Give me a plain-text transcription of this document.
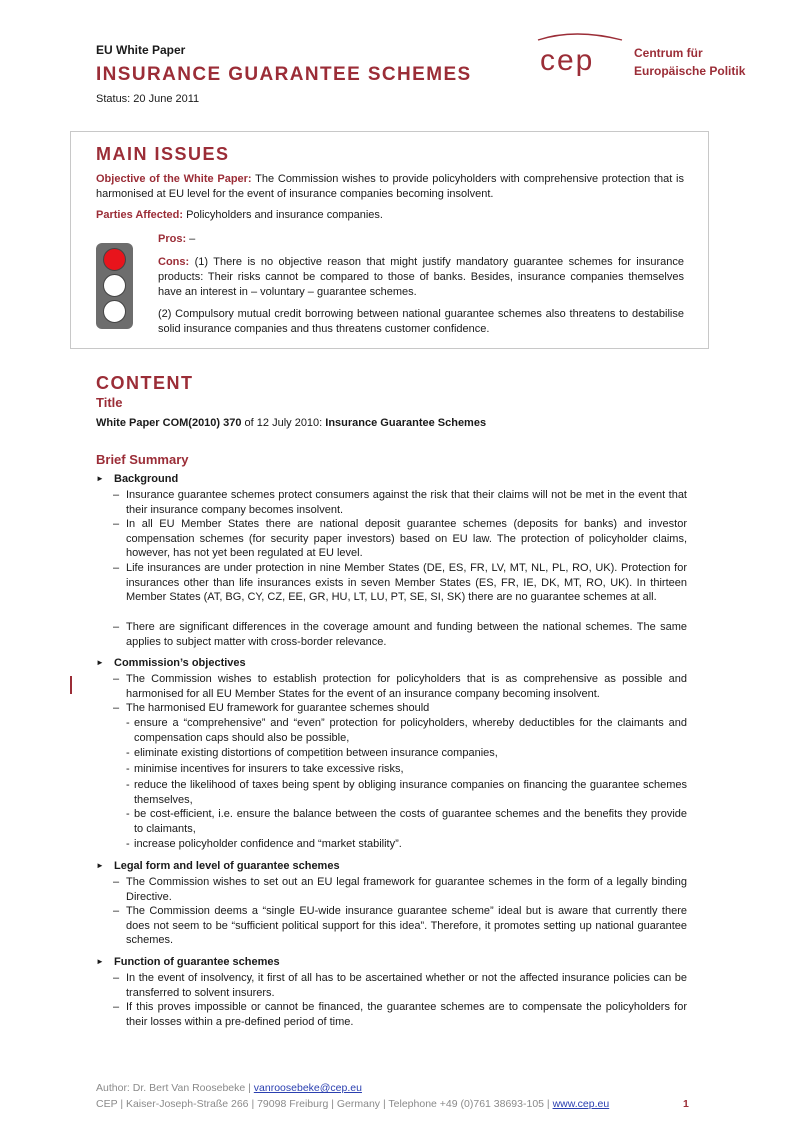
EU White Paper
INSURANCE GUARANTEE SCHEMES
Status: 20 June 2011
cep	Centrum für
Europäische Politik
MAIN ISSUES
Objective of the White Paper: The Commission wishes to provide policyholders with comprehensive protection that is harmonised at EU level for the event of insurance companies becoming insolvent.
Parties Affected: Policyholders and insurance companies.
Pros: –
Cons: (1) There is no objective reason that might justify mandatory guarantee schemes for insurance products: Their risks cannot be compared to those of banks. Besides, insurance companies themselves have an interest in – voluntary – guarantee schemes.
(2) Compulsory mutual credit borrowing between national guarantee schemes also threatens to destabilise solid insurance companies and thus threatens customer confidence.
CONTENT
Title
White Paper COM(2010) 370 of 12 July 2010: Insurance Guarantee Schemes
Brief Summary
► Background
– Insurance guarantee schemes protect consumers against the risk that their claims will not be met in the event that their insurance company becomes insolvent.
– In all EU Member States there are national deposit guarantee schemes (deposits for banks) and investor compensation schemes (for security paper investors) based on EU law. The protection of policyholder claims, however, has not yet been regulated at EU level.
– Life insurances are under protection in nine Member States (DE, ES, FR, LV, MT, NL, PL, RO, UK). Protection for insurances other than life insurances exists in seven Member States (ES, FR, IE, DK, MT, RO, UK). In thirteen Member States (AT, BG, CY, CZ, EE, GR, HU, LT, LU, PT, SE, SI, SK) there are no guarantee schemes at all.
– There are significant differences in the coverage amount and funding between the national schemes. The same applies to subject matter with cross-border relevance.
► Commission’s objectives
– The Commission wishes to establish protection for policyholders that is as comprehensive as possible and harmonised for all EU Member States for the event of an insurance company becoming insolvent.
– The harmonised EU framework for guarantee schemes should
- ensure a “comprehensive” and “even” protection for policyholders, whereby deductibles for the claimants and compensation caps should also be possible,
- eliminate existing distortions of competition between insurance companies,
- minimise incentives for insurers to take excessive risks,
- reduce the likelihood of taxes being spent by obliging insurance companies on financing the guarantee schemes themselves,
- be cost-efficient, i.e. ensure the balance between the costs of guarantee schemes and the benefits they provide to claimants,
- increase policyholder confidence and “market stability”.
► Legal form and level of guarantee schemes
– The Commission wishes to set out an EU legal framework for guarantee schemes in the form of a legally binding Directive.
– The Commission deems a “single EU-wide insurance guarantee scheme” ideal but is aware that currently there does not seem to be “sufficient political support for this idea”. Therefore, it promotes setting up national guarantee schemes.
► Function of guarantee schemes
– In the event of insolvency, it first of all has to be ascertained whether or not the affected insurance policies can be transferred to solvent insurers.
– If this proves impossible or cannot be financed, the guarantee schemes are to compensate the policyholders for their losses within a pre-defined period of time.
Author: Dr. Bert Van Roosebeke | vanroosebeke@cep.eu
CEP | Kaiser-Joseph-Straße 266 | 79098 Freiburg | Germany | Telephone +49 (0)761 38693-105 | www.cep.eu	1
